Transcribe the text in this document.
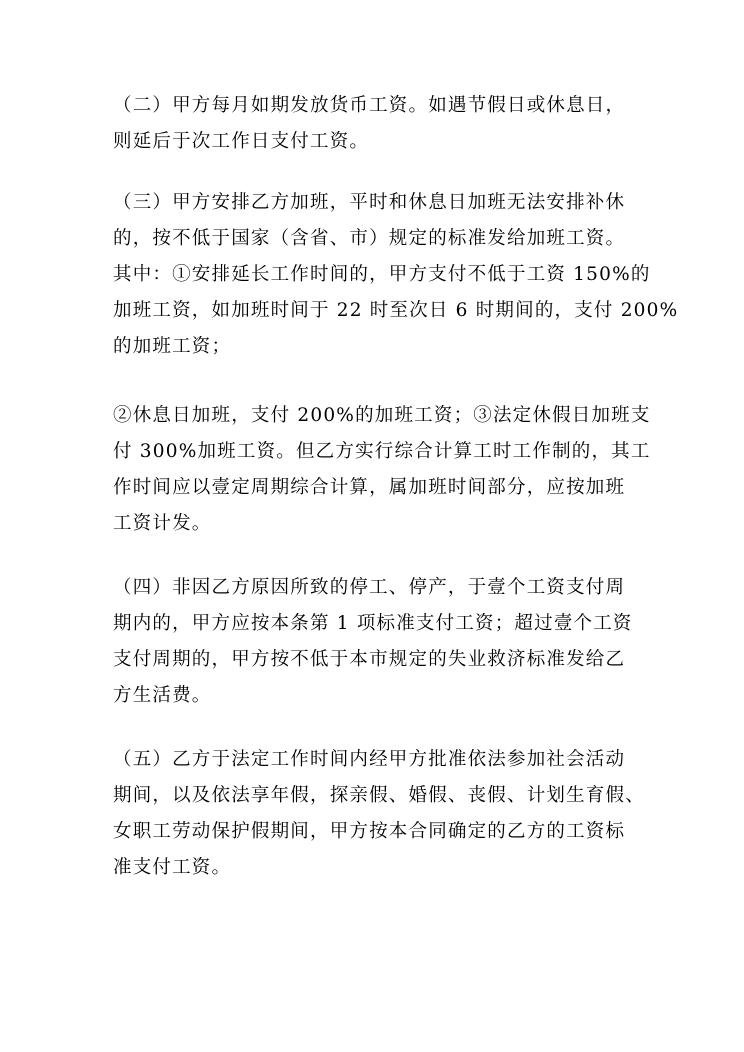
（二）甲方每月如期发放货币工资。如遇节假日或休息日，
则延后于次工作日支付工资。
（三）甲方安排乙方加班，平时和休息日加班无法安排补休
的，按不低于国家（含省、市）规定的标准发给加班工资。
其中：①安排延长工作时间的，甲方支付不低于工资 150%的
加班工资，如加班时间于 22 时至次日 6 时期间的，支付 200%
的加班工资；
②休息日加班，支付 200%的加班工资；③法定休假日加班支
付 300%加班工资。但乙方实行综合计算工时工作制的，其工
作时间应以壹定周期综合计算，属加班时间部分，应按加班
工资计发。
（四）非因乙方原因所致的停工、停产，于壹个工资支付周
期内的，甲方应按本条第 1 项标准支付工资；超过壹个工资
支付周期的，甲方按不低于本市规定的失业救济标准发给乙
方生活费。
（五）乙方于法定工作时间内经甲方批准依法参加社会活动
期间，以及依法享年假，探亲假、婚假、丧假、计划生育假、
女职工劳动保护假期间，甲方按本合同确定的乙方的工资标
准支付工资。
